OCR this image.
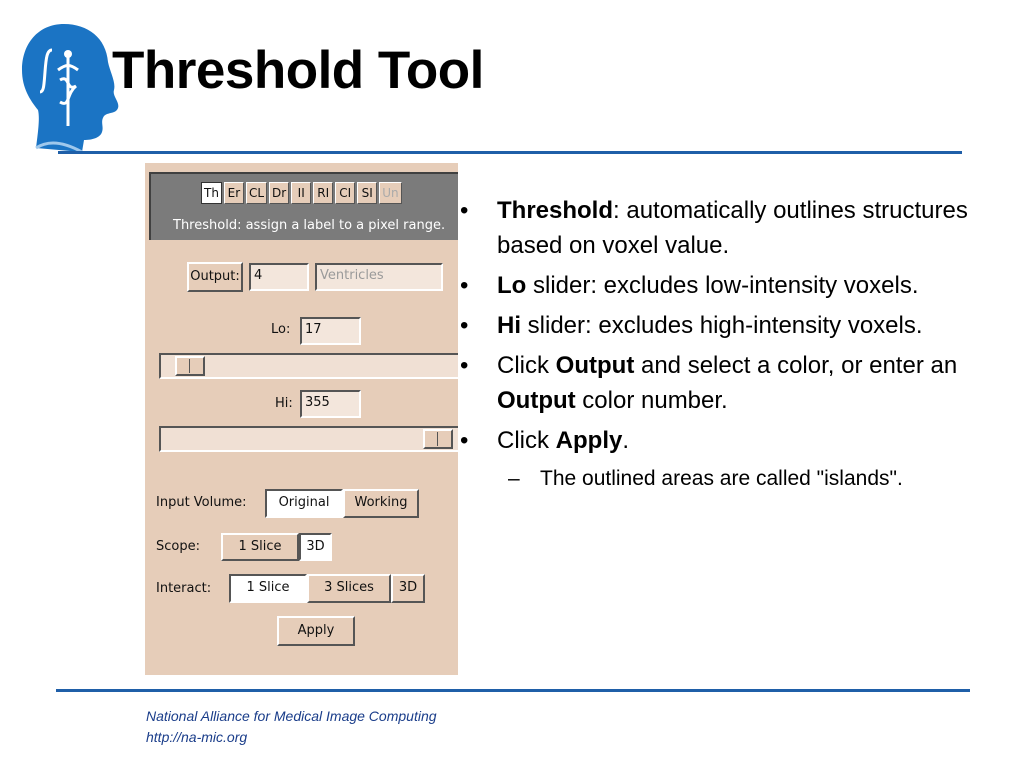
Threshold Tool
Th Er CL Dr II	RI CI SI Un
Threshold: assign a label to a pixel range.
Output:	4	Ventricles
Lo:	17
Hi: 355
Input Volume:	Original	Working
Scope:	1 Slice	3D
Interact:	1 Slice	3 Slices	3D
Apply
• Threshold: automatically outlines structures based on voxel value.
• Lo slider: excludes low-intensity voxels.
• Hi slider: excludes high-intensity voxels.
• Click Output and select a color, or enter an Output color number.
• Click Apply.
– The outlined areas are called "islands".
National Alliance for Medical Image Computing
http://na-mic.org
